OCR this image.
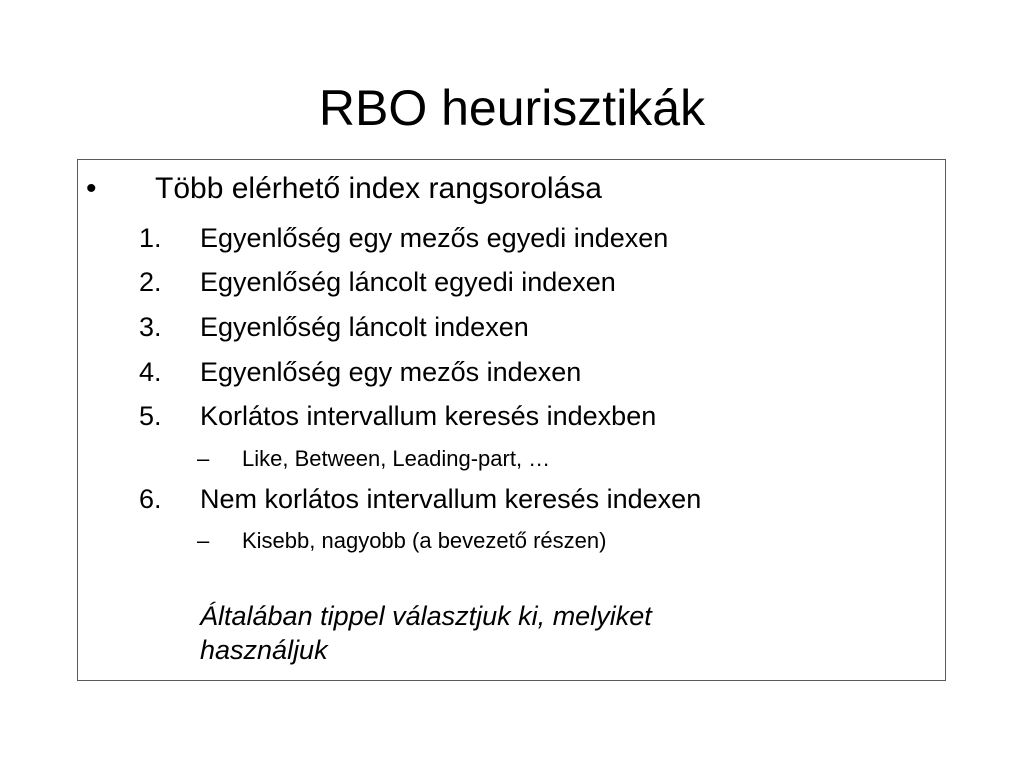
RBO heurisztikák
• Több elérhető index rangsorolása
1. Egyenlőség egy mezős egyedi indexen
2. Egyenlőség láncolt egyedi indexen
3. Egyenlőség láncolt indexen
4. Egyenlőség egy mezős indexen
5. Korlátos intervallum keresés indexben
– Like, Between, Leading-part, …
6. Nem korlátos intervallum keresés indexen
– Kisebb, nagyobb (a bevezető részen)
Általában tippel választjuk ki, melyiket
használjuk
